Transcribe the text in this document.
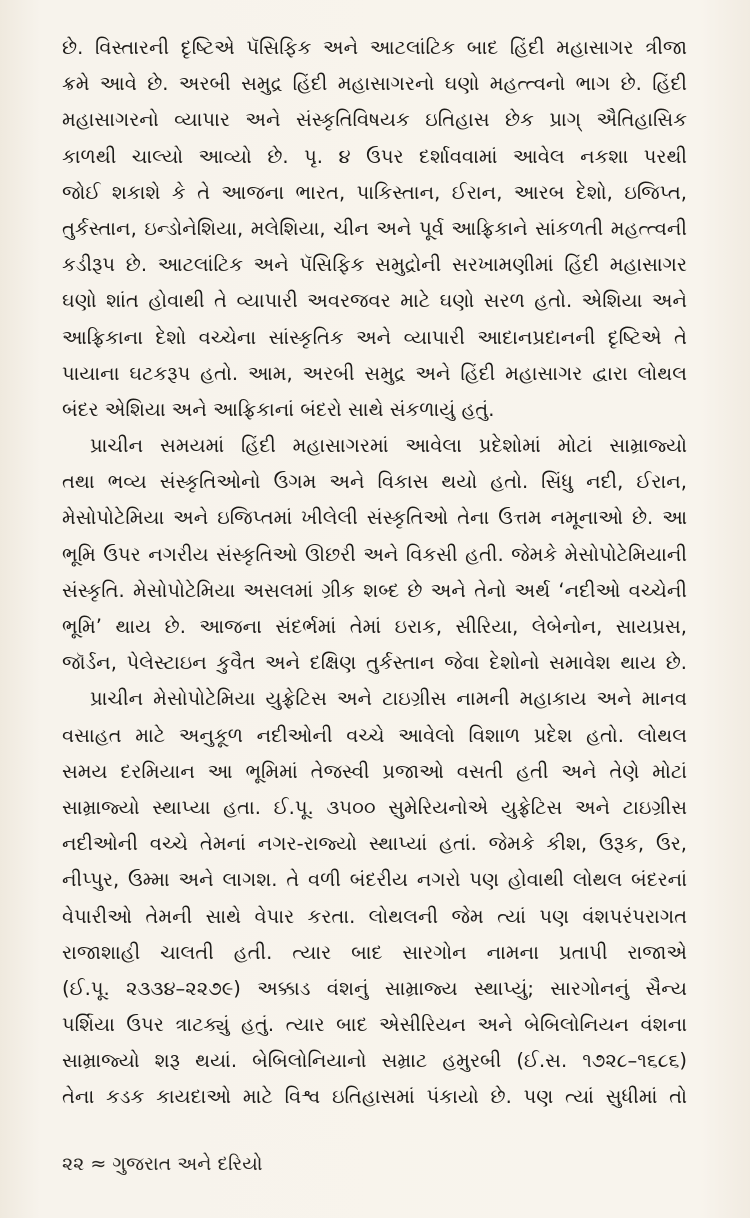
છે. વિસ્તારની દૃષ્ટિએ પૅસિફિક અને આટલાંટિક બાદ હિંદી મહાસાગર ત્રીજા
ક્રમે આવે છે. અરબી સમુદ્ર હિંદી મહાસાગરનો ઘણો મહત્ત્વનો ભાગ છે. હિંદી
મહાસાગરનો વ્યાપાર અને સંસ્કૃતિવિષયક ઇતિહાસ છેક પ્રાગ્ ઐતિહાસિક
કાળથી ચાલ્યો આવ્યો છે. પૃ. ૪ ઉપર દર્શાવવામાં આવેલ નકશા પરથી
જોઈ શકાશે કે તે આજના ભારત, પાકિસ્તાન, ઈરાન, આરબ દેશો, ઇજિપ્ત,
તુર્કસ્તાન, ઇન્ડોનેશિયા, મલેશિયા, ચીન અને પૂર્વ આફ્રિકાને સાંકળતી મહત્ત્વની
કડીરૂપ છે. આટલાંટિક અને પૅસિફિક સમુદ્રોની સરખામણીમાં હિંદી મહાસાગર
ઘણો શાંત હોવાથી તે વ્યાપારી અવરજવર માટે ઘણો સરળ હતો. એશિયા અને
આફ્રિકાના દેશો વચ્ચેના સાંસ્કૃતિક અને વ્યાપારી આદાનપ્રદાનની દૃષ્ટિએ તે
પાયાના ઘટકરૂપ હતો. આમ, અરબી સમુદ્ર અને હિંદી મહાસાગર દ્વારા લોથલ
બંદર એશિયા અને આફ્રિકાનાં બંદરો સાથે સંકળાયું હતું.
પ્રાચીન સમયમાં હિંદી મહાસાગરમાં આવેલા પ્રદેશોમાં મોટાં સામ્રાજ્યો
તથા ભવ્ય સંસ્કૃતિઓનો ઉગમ અને વિકાસ થયો હતો. સિંધુ નદી, ઈરાન,
મેસોપોટેમિયા અને ઇજિપ્તમાં ખીલેલી સંસ્કૃતિઓ તેના ઉત્તમ નમૂનાઓ છે. આ
ભૂમિ ઉપર નગરીય સંસ્કૃતિઓ ઊછરી અને વિકસી હતી. જેમકે મેસોપોટેમિયાની
સંસ્કૃતિ. મેસોપોટેમિયા અસલમાં ગ્રીક શબ્દ છે અને તેનો અર્થ ‘નદીઓ વચ્ચેની
ભૂમિ’ થાય છે. આજના સંદર્ભમાં તેમાં ઇરાક, સીરિયા, લેબેનોન, સાયપ્રસ,
જૉર્ડન, પેલેસ્ટાઇન કુવૈત અને દક્ષિણ તુર્કસ્તાન જેવા દેશોનો સમાવેશ થાય છે.
પ્રાચીન મેસોપોટેમિયા યુફ્રેટિસ અને ટાઇગ્રીસ નામની મહાકાય અને માનવ
વસાહત માટે અનુકૂળ નદીઓની વચ્ચે આવેલો વિશાળ પ્રદેશ હતો. લોથલ
સમય દરમિયાન આ ભૂમિમાં તેજસ્વી પ્રજાઓ વસતી હતી અને તેણે મોટાં
સામ્રાજ્યો સ્થાપ્યા હતા. ઈ.પૂ. ૩૫૦૦ સુમેરિયનોએ યુફ્રેટિસ અને ટાઇગ્રીસ
નદીઓની વચ્ચે તેમનાં નગર-રાજ્યો સ્થાપ્યાં હતાં. જેમકે કીશ, ઉરૂક, ઉર,
નીપ્પુર, ઉમ્મા અને લાગશ. તે વળી બંદરીય નગરો પણ હોવાથી લોથલ બંદરનાં
વેપારીઓ તેમની સાથે વેપાર કરતા. લોથલની જેમ ત્યાં પણ વંશપરંપરાગત
રાજાશાહી ચાલતી હતી. ત્યાર બાદ સારગોન નામના પ્રતાપી રાજાએ
(ઈ.પૂ. ૨૩૩૪–૨૨૭૯) અક્કાડ વંશનું સામ્રાજ્ય સ્થાપ્યું; સારગોનનું સૈન્ય
પર્શિયા ઉપર ત્રાટક્યું હતું. ત્યાર બાદ એસીરિયન અને બેબિલોનિયન વંશના
સામ્રાજ્યો શરૂ થયાં. બેબિલોનિયાનો સમ્રાટ હમુરબી (ઈ.સ. ૧૭૨૮–૧૬૮૬)
તેના કડક કાયદાઓ માટે વિશ્વ ઇતિહાસમાં પંકાયો છે. પણ ત્યાં સુધીમાં તો
૨૨ ≈ ગુજરાત અને દરિયો
